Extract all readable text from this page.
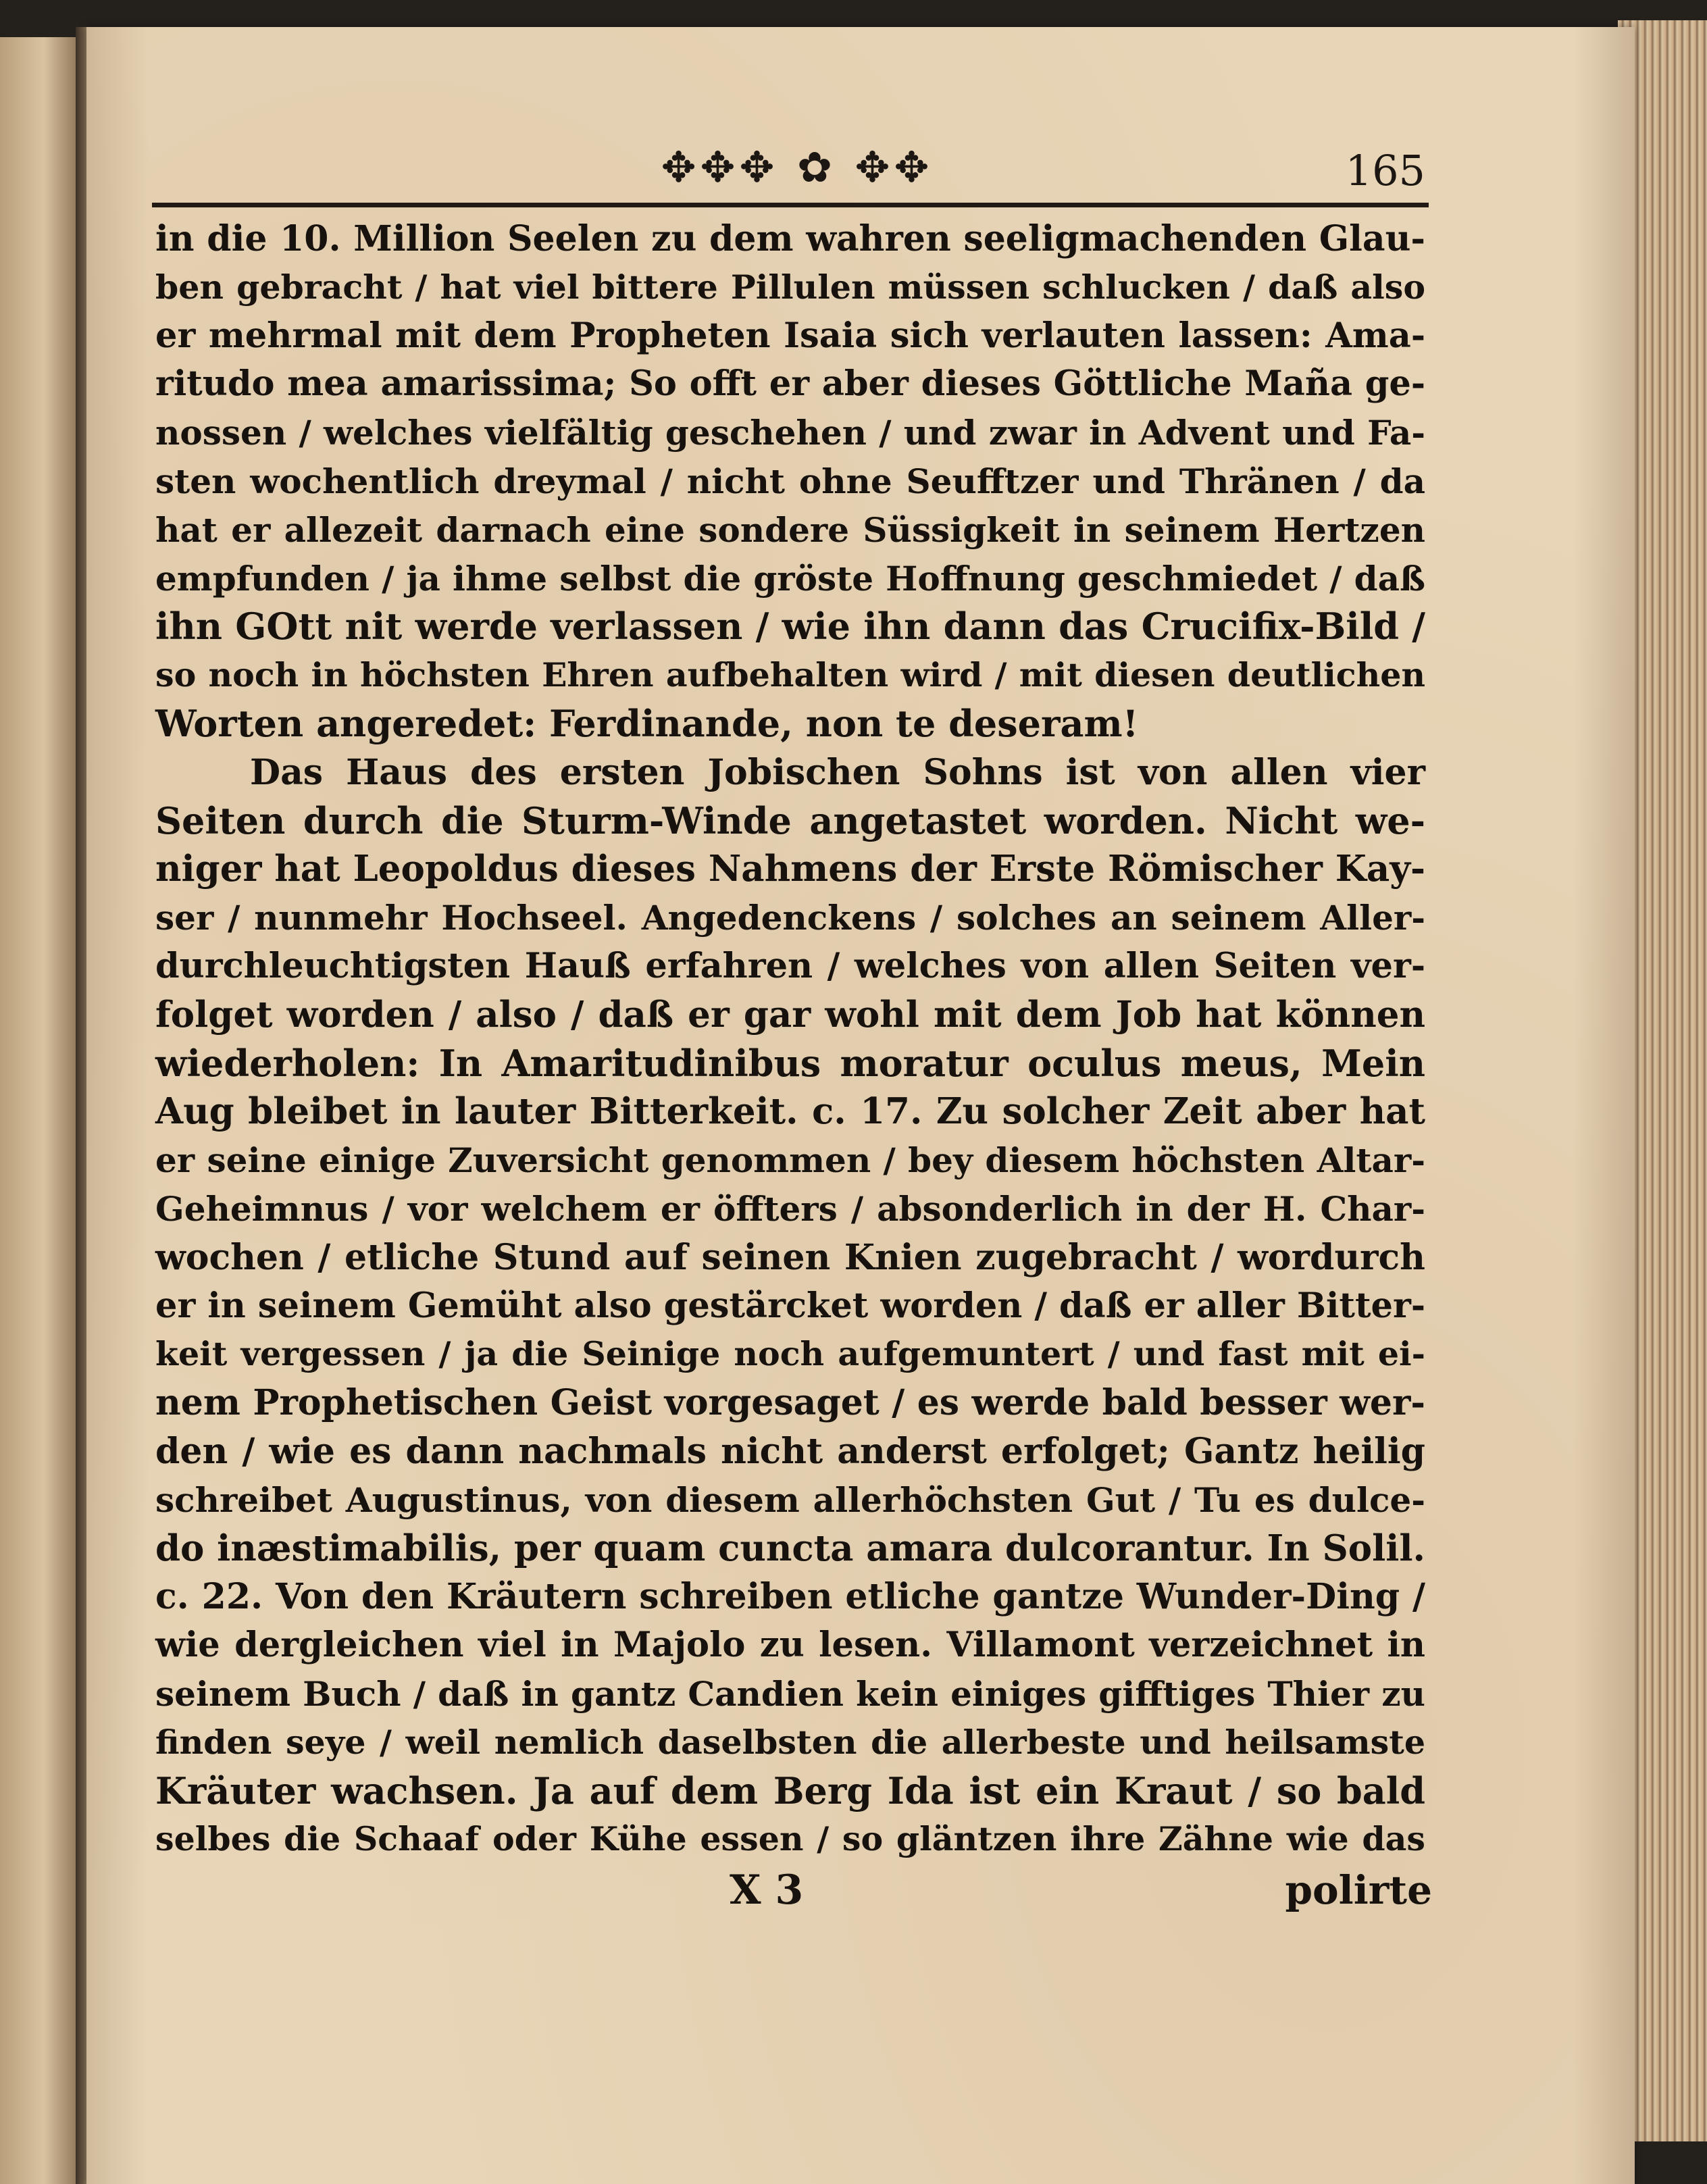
✥✥✥ ✿ ✥✥	165
in die 10. Million Seelen zu dem wahren seeligmachenden Glau-
ben gebracht / hat viel bittere Pillulen müssen schlucken / daß also
er mehrmal mit dem Propheten Isaia sich verlauten lassen: Ama-
ritudo mea amarissima; So offt er aber dieses Göttliche Maña ge-
nossen / welches vielfältig geschehen / und zwar in Advent und Fa-
sten wochentlich dreymal / nicht ohne Seufftzer und Thränen / da
hat er allezeit darnach eine sondere Süssigkeit in seinem Hertzen
empfunden / ja ihme selbst die gröste Hoffnung geschmiedet / daß
ihn GOtt nit werde verlassen / wie ihn dann das Crucifix-Bild /
so noch in höchsten Ehren aufbehalten wird / mit diesen deutlichen
Worten angeredet: Ferdinande, non te deseram!
Das Haus des ersten Jobischen Sohns ist von allen vier
Seiten durch die Sturm-Winde angetastet worden. Nicht we-
niger hat Leopoldus dieses Nahmens der Erste Römischer Kay-
ser / nunmehr Hochseel. Angedenckens / solches an seinem Aller-
durchleuchtigsten Hauß erfahren / welches von allen Seiten ver-
folget worden / also / daß er gar wohl mit dem Job hat können
wiederholen: In Amaritudinibus moratur oculus meus, Mein
Aug bleibet in lauter Bitterkeit. c. 17. Zu solcher Zeit aber hat
er seine einige Zuversicht genommen / bey diesem höchsten Altar-
Geheimnus / vor welchem er öffters / absonderlich in der H. Char-
wochen / etliche Stund auf seinen Knien zugebracht / wordurch
er in seinem Gemüht also gestärcket worden / daß er aller Bitter-
keit vergessen / ja die Seinige noch aufgemuntert / und fast mit ei-
nem Prophetischen Geist vorgesaget / es werde bald besser wer-
den / wie es dann nachmals nicht anderst erfolget; Gantz heilig
schreibet Augustinus, von diesem allerhöchsten Gut / Tu es dulce-
do inæstimabilis, per quam cuncta amara dulcorantur. In Solil.
c. 22. Von den Kräutern schreiben etliche gantze Wunder-Ding /
wie dergleichen viel in Majolo zu lesen. Villamont verzeichnet in
seinem Buch / daß in gantz Candien kein einiges gifftiges Thier zu
finden seye / weil nemlich daselbsten die allerbeste und heilsamste
Kräuter wachsen. Ja auf dem Berg Ida ist ein Kraut / so bald
selbes die Schaaf oder Kühe essen / so gläntzen ihre Zähne wie das
X 3	polirte
